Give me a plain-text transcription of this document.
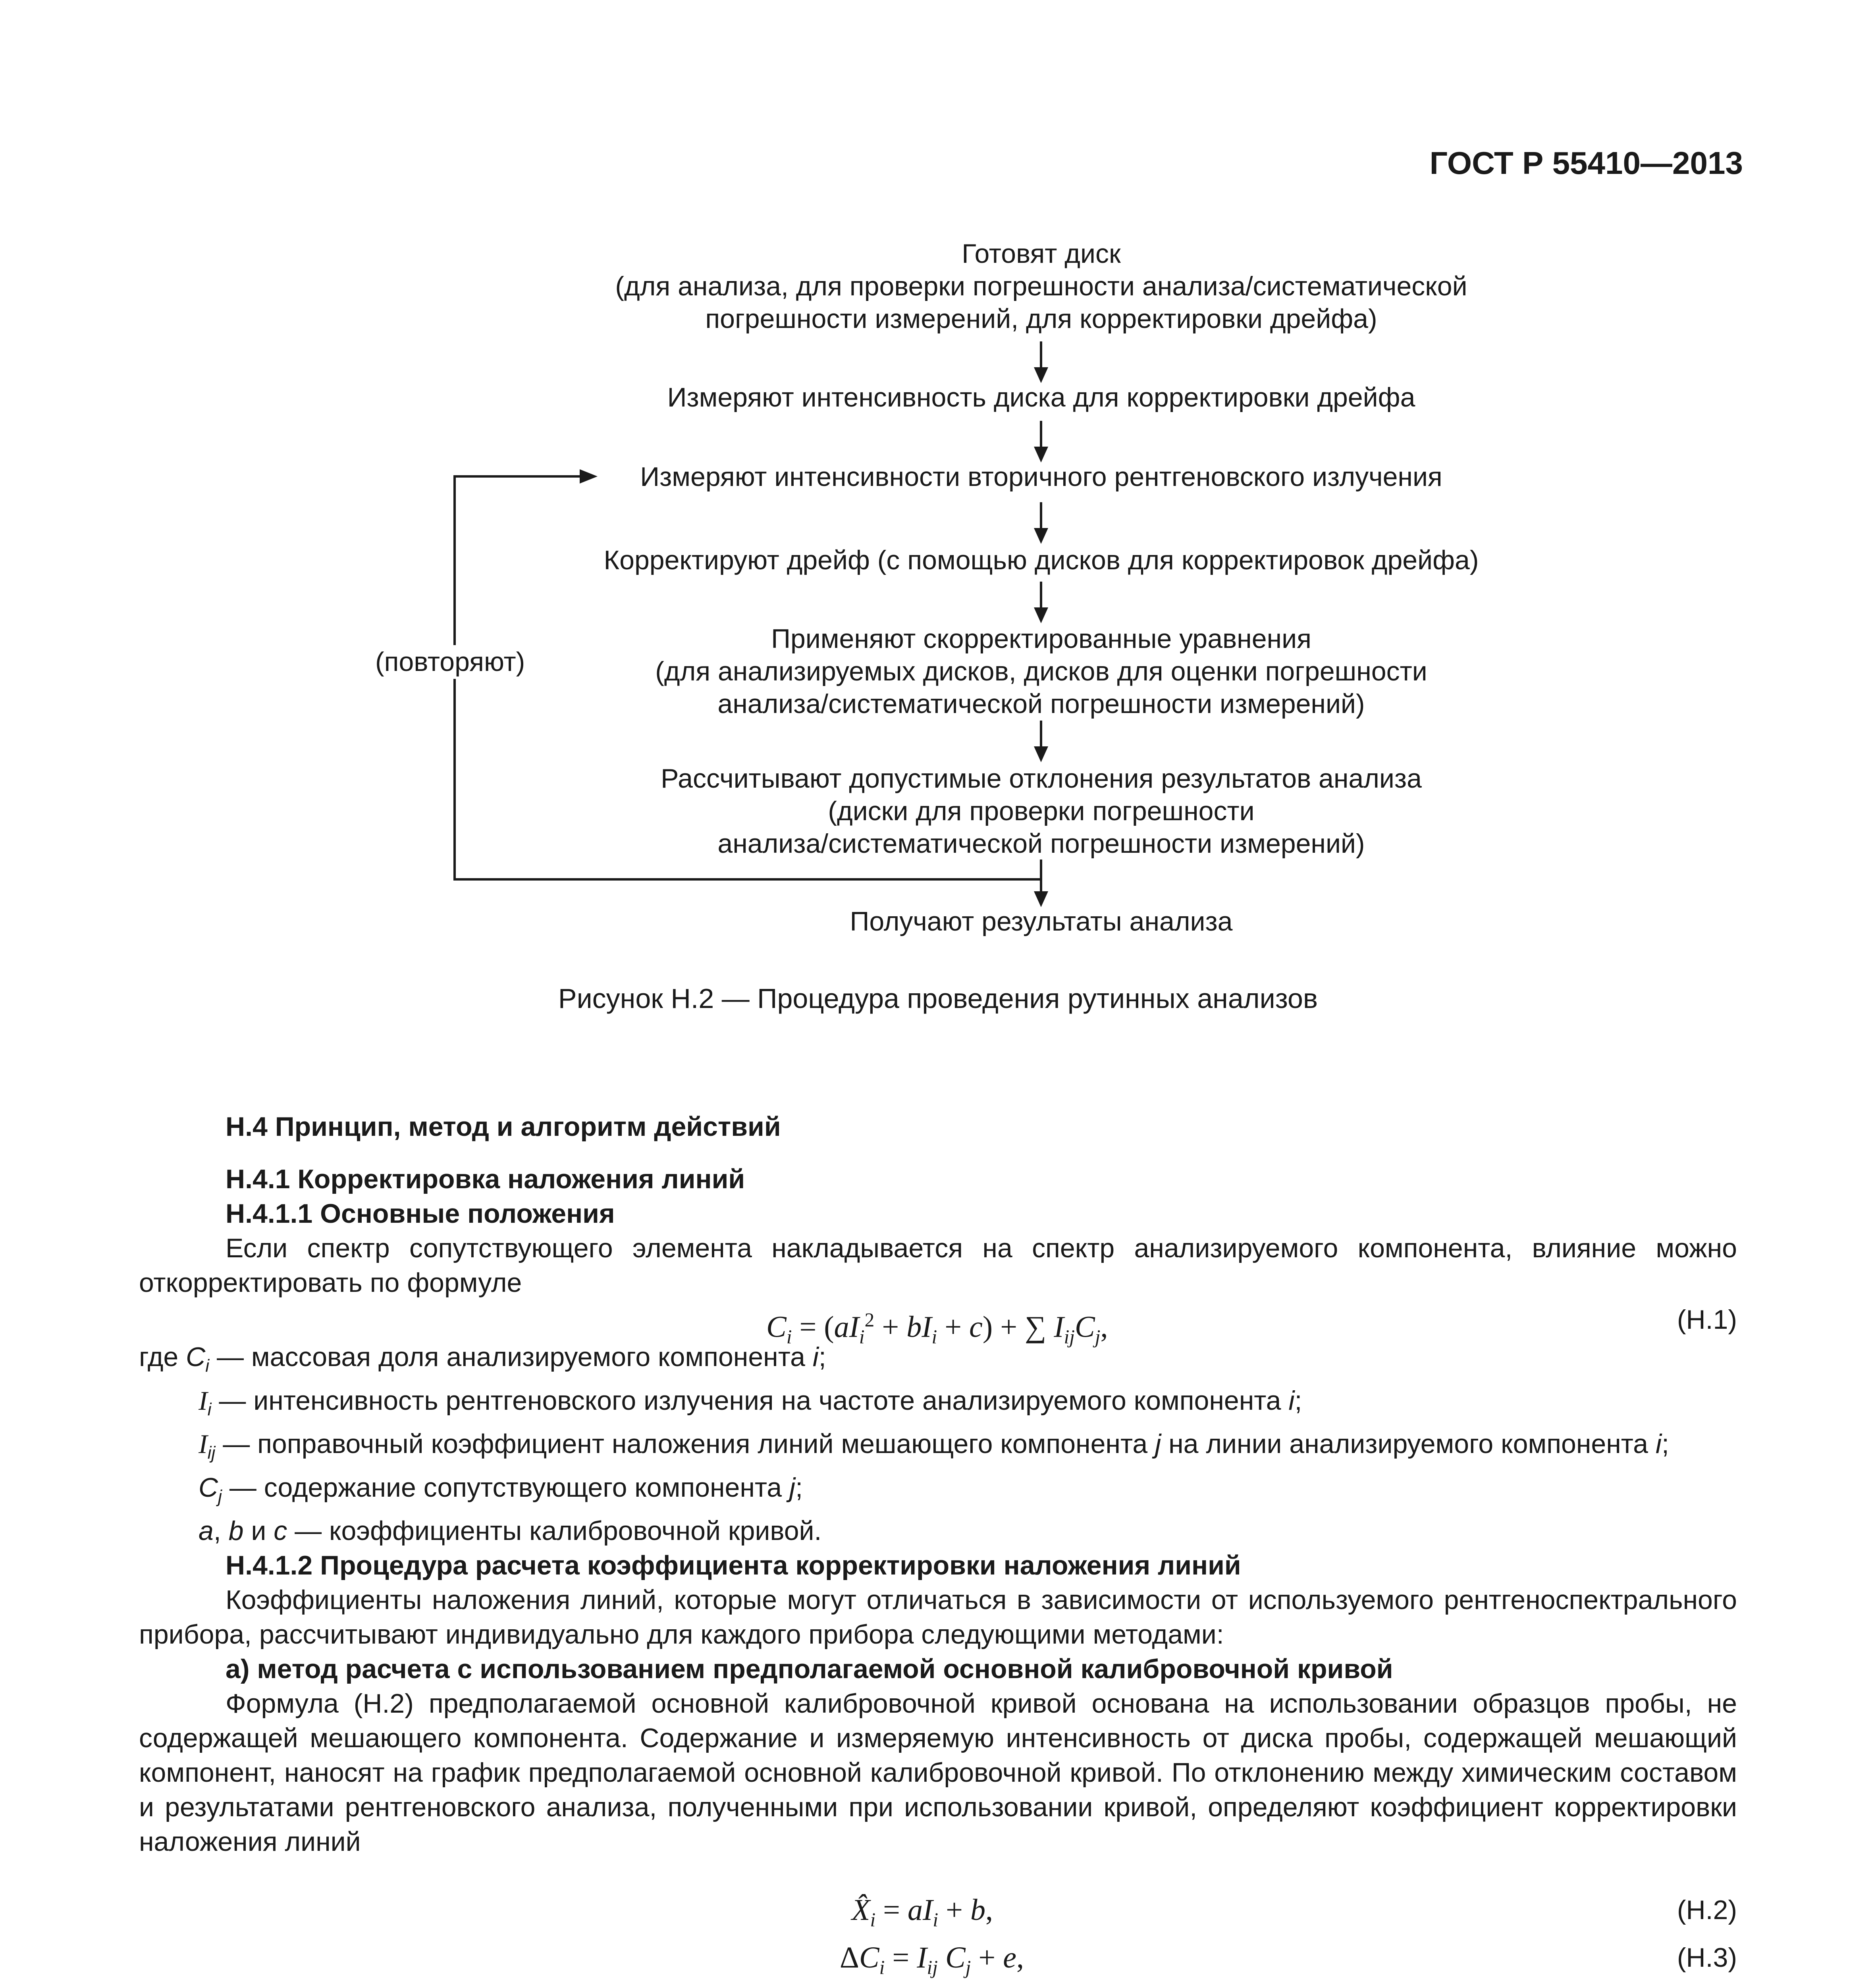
ГОСТ Р 55410—2013
Готовят диск
(для анализа, для проверки погрешности анализа/систематической
погрешности измерений, для корректировки дрейфа)
Измеряют интенсивность диска для корректировки дрейфа
Измеряют интенсивности вторичного рентгеновского излучения
Корректируют дрейф (с помощью дисков для корректировок дрейфа)
Применяют скорректированные уравнения
(для анализируемых дисков, дисков для оценки погрешности
анализа/систематической погрешности измерений)
Рассчитывают допустимые отклонения результатов анализа
(диски для проверки погрешности
анализа/систематической погрешности измерений)
Получают результаты анализа
(повторяют)
Рисунок Н.2 — Процедура проведения рутинных анализов

Н.4 Принцип, метод и алгоритм действий

Н.4.1 Корректировка наложения линий

Н.4.1.1 Основные положения

Если спектр сопутствующего элемента накладывается на спектр анализируемого компонента, влияние можно откорректировать по формуле

$C_i = (aI_i^2 + bI_i + c)$ + ∑ $I_{ij}C_j$,	(Н.1)

где $C_i$ — массовая доля анализируемого компонента i;

$I_i$ — интенсивность рентгеновского излучения на частоте анализируемого компонента i;

$I_{ij}$ — поправочный коэффициент наложения линий мешающего компонента j на линии анализируемого компонента i;

$C_j$ — содержание сопутствующего компонента j;

a, b и c — коэффициенты калибровочной кривой.

Н.4.1.2 Процедура расчета коэффициента корректировки наложения линий

Коэффициенты наложения линий, которые могут отличаться в зависимости от используемого рентгеноспектрального прибора, рассчитывают индивидуально для каждого прибора следующими методами:

а) метод расчета с использованием предполагаемой основной калибровочной кривой

Формула (Н.2) предполагаемой основной калибровочной кривой основана на использовании образцов пробы, не содержащей мешающего компонента. Содержание и измеряемую интенсивность от диска пробы, содержащей мешающий компонент, наносят на график предполагаемой основной калибровочной кривой. По отклонению между химическим составом и результатами рентгеновского анализа, полученными при использовании кривой, определяют коэффициент корректировки наложения линий

$X̂_i = aI_i + b$,	(Н.2)
$\Delta C_i = I_{ij}$ $C_j + e$,	(Н.3)
